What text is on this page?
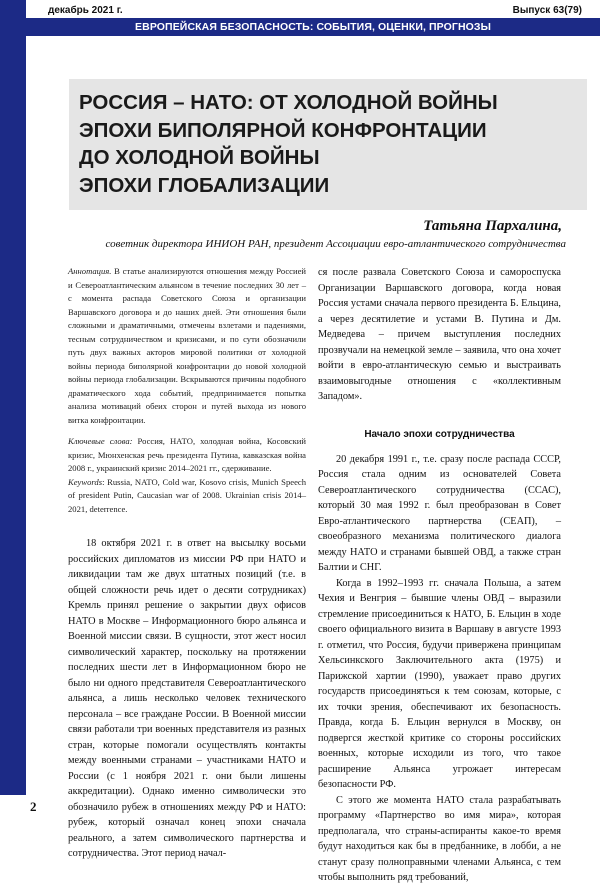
декабрь 2021 г.	Выпуск 63(79)
ЕВРОПЕЙСКАЯ БЕЗОПАСНОСТЬ: СОБЫТИЯ, ОЦЕНКИ, ПРОГНОЗЫ
РОССИЯ – НАТО: ОТ ХОЛОДНОЙ ВОЙНЫ
ЭПОХИ БИПОЛЯРНОЙ КОНФРОНТАЦИИ
ДО ХОЛОДНОЙ ВОЙНЫ
ЭПОХИ ГЛОБАЛИЗАЦИИ
Татьяна Пархалина,
советник директора ИНИОН РАН, президент Ассоциации евро-атлантического сотрудничества

Аннотация. В статье анализируются отношения между Россией и Североатлантическим альянсом в течение последних 30 лет – с момента распада Советского Союза и организации Варшавского договора и до наших дней. Эти отношения были сложными и драматичными, отмечены взлетами и падениями, тесным сотрудничеством и кризисами, и по сути обозначили путь двух важных акторов мировой политики от холодной войны периода биполярной конфронтации до новой холодной войны периода глобализации. Вскрываются причины подобного драматического хода событий, предпринимается попытка анализа мотиваций обеих сторон и путей выхода из нового витка конфронтации.

Ключевые слова: Россия, НАТО, холодная война, Косовский кризис, Мюнхенская речь президента Путина, кавказская война 2008 г., украинский кризис 2014–2021 гг., сдерживание.

Keywords: Russia, NATO, Cold war, Kosovo crisis, Munich Speech of president Putin, Caucasian war of 2008. Ukrainian crisis 2014–2021, deterrence.

18 октября 2021 г. в ответ на высылку восьми российских дипломатов из миссии РФ при НАТО и ликвидации там же двух штатных позиций (т.е. в общей сложности речь идет о десяти сотрудниках) Кремль принял решение о закрытии двух офисов НАТО в Москве – Информационного бюро альянса и Военной миссии связи. В сущности, этот жест носил символический характер, поскольку на протяжении последних шести лет в Информационном бюро не было ни одного представителя Североатлантического альянса, а лишь несколько человек технического персонала – все граждане России. В Военной миссии связи работали три военных представителя из разных стран, которые помогали осуществлять контакты между военными странами – участниками НАТО и России (с 1 ноября 2021 г. они были лишены аккредитации). Однако именно символически это обозначило рубеж в отношениях между РФ и НАТО: рубеж, который означал конец эпохи сначала реального, а затем символического партнерства и сотрудничества. Этот период начал-

ся после развала Советского Союза и самороспуска Организации Варшавского договора, когда новая Россия устами сначала первого президента Б. Ельцина, а через десятилетие и устами В. Путина и Дм. Медведева – причем выступления последних прозвучали на немецкой земле – заявила, что она хочет войти в евро-атлантическую семью и выстраивать взаимовыгодные отношения с «коллективным Западом».

Начало эпохи сотрудничества

20 декабря 1991 г., т.е. сразу после распада СССР, Россия стала одним из основателей Совета Североатлантического сотрудничества (ССАС), который 30 мая 1992 г. был преобразован в Совет Евро-атлантического партнерства (СЕАП), – своеобразного механизма политического диалога между НАТО и странами бывшей ОВД, а также стран Балтии и СНГ.

Когда в 1992–1993 гг. сначала Польша, а затем Чехия и Венгрия – бывшие члены ОВД – выразили стремление присоединиться к НАТО, Б. Ельцин в ходе своего официального визита в Варшаву в августе 1993 г. отметил, что Россия, будучи привержена принципам Хельсинкского Заключительного акта (1975) и Парижской хартии (1990), уважает право других государств присоединяться к тем союзам, которые, с их точки зрения, обеспечивают их безопасность. Правда, когда Б. Ельцин вернулся в Москву, он подвергся жесткой критике со стороны российских военных, которые исходили из того, что такое расширение Альянса угрожает интересам безопасности РФ.

С этого же момента НАТО стала разрабатывать программу «Партнерство во имя мира», которая предполагала, что страны-аспиранты какое-то время будут находиться как бы в предбаннике, в лобби, а не станут сразу полноправными членами Альянса, с тем чтобы выполнить ряд требований,

2
